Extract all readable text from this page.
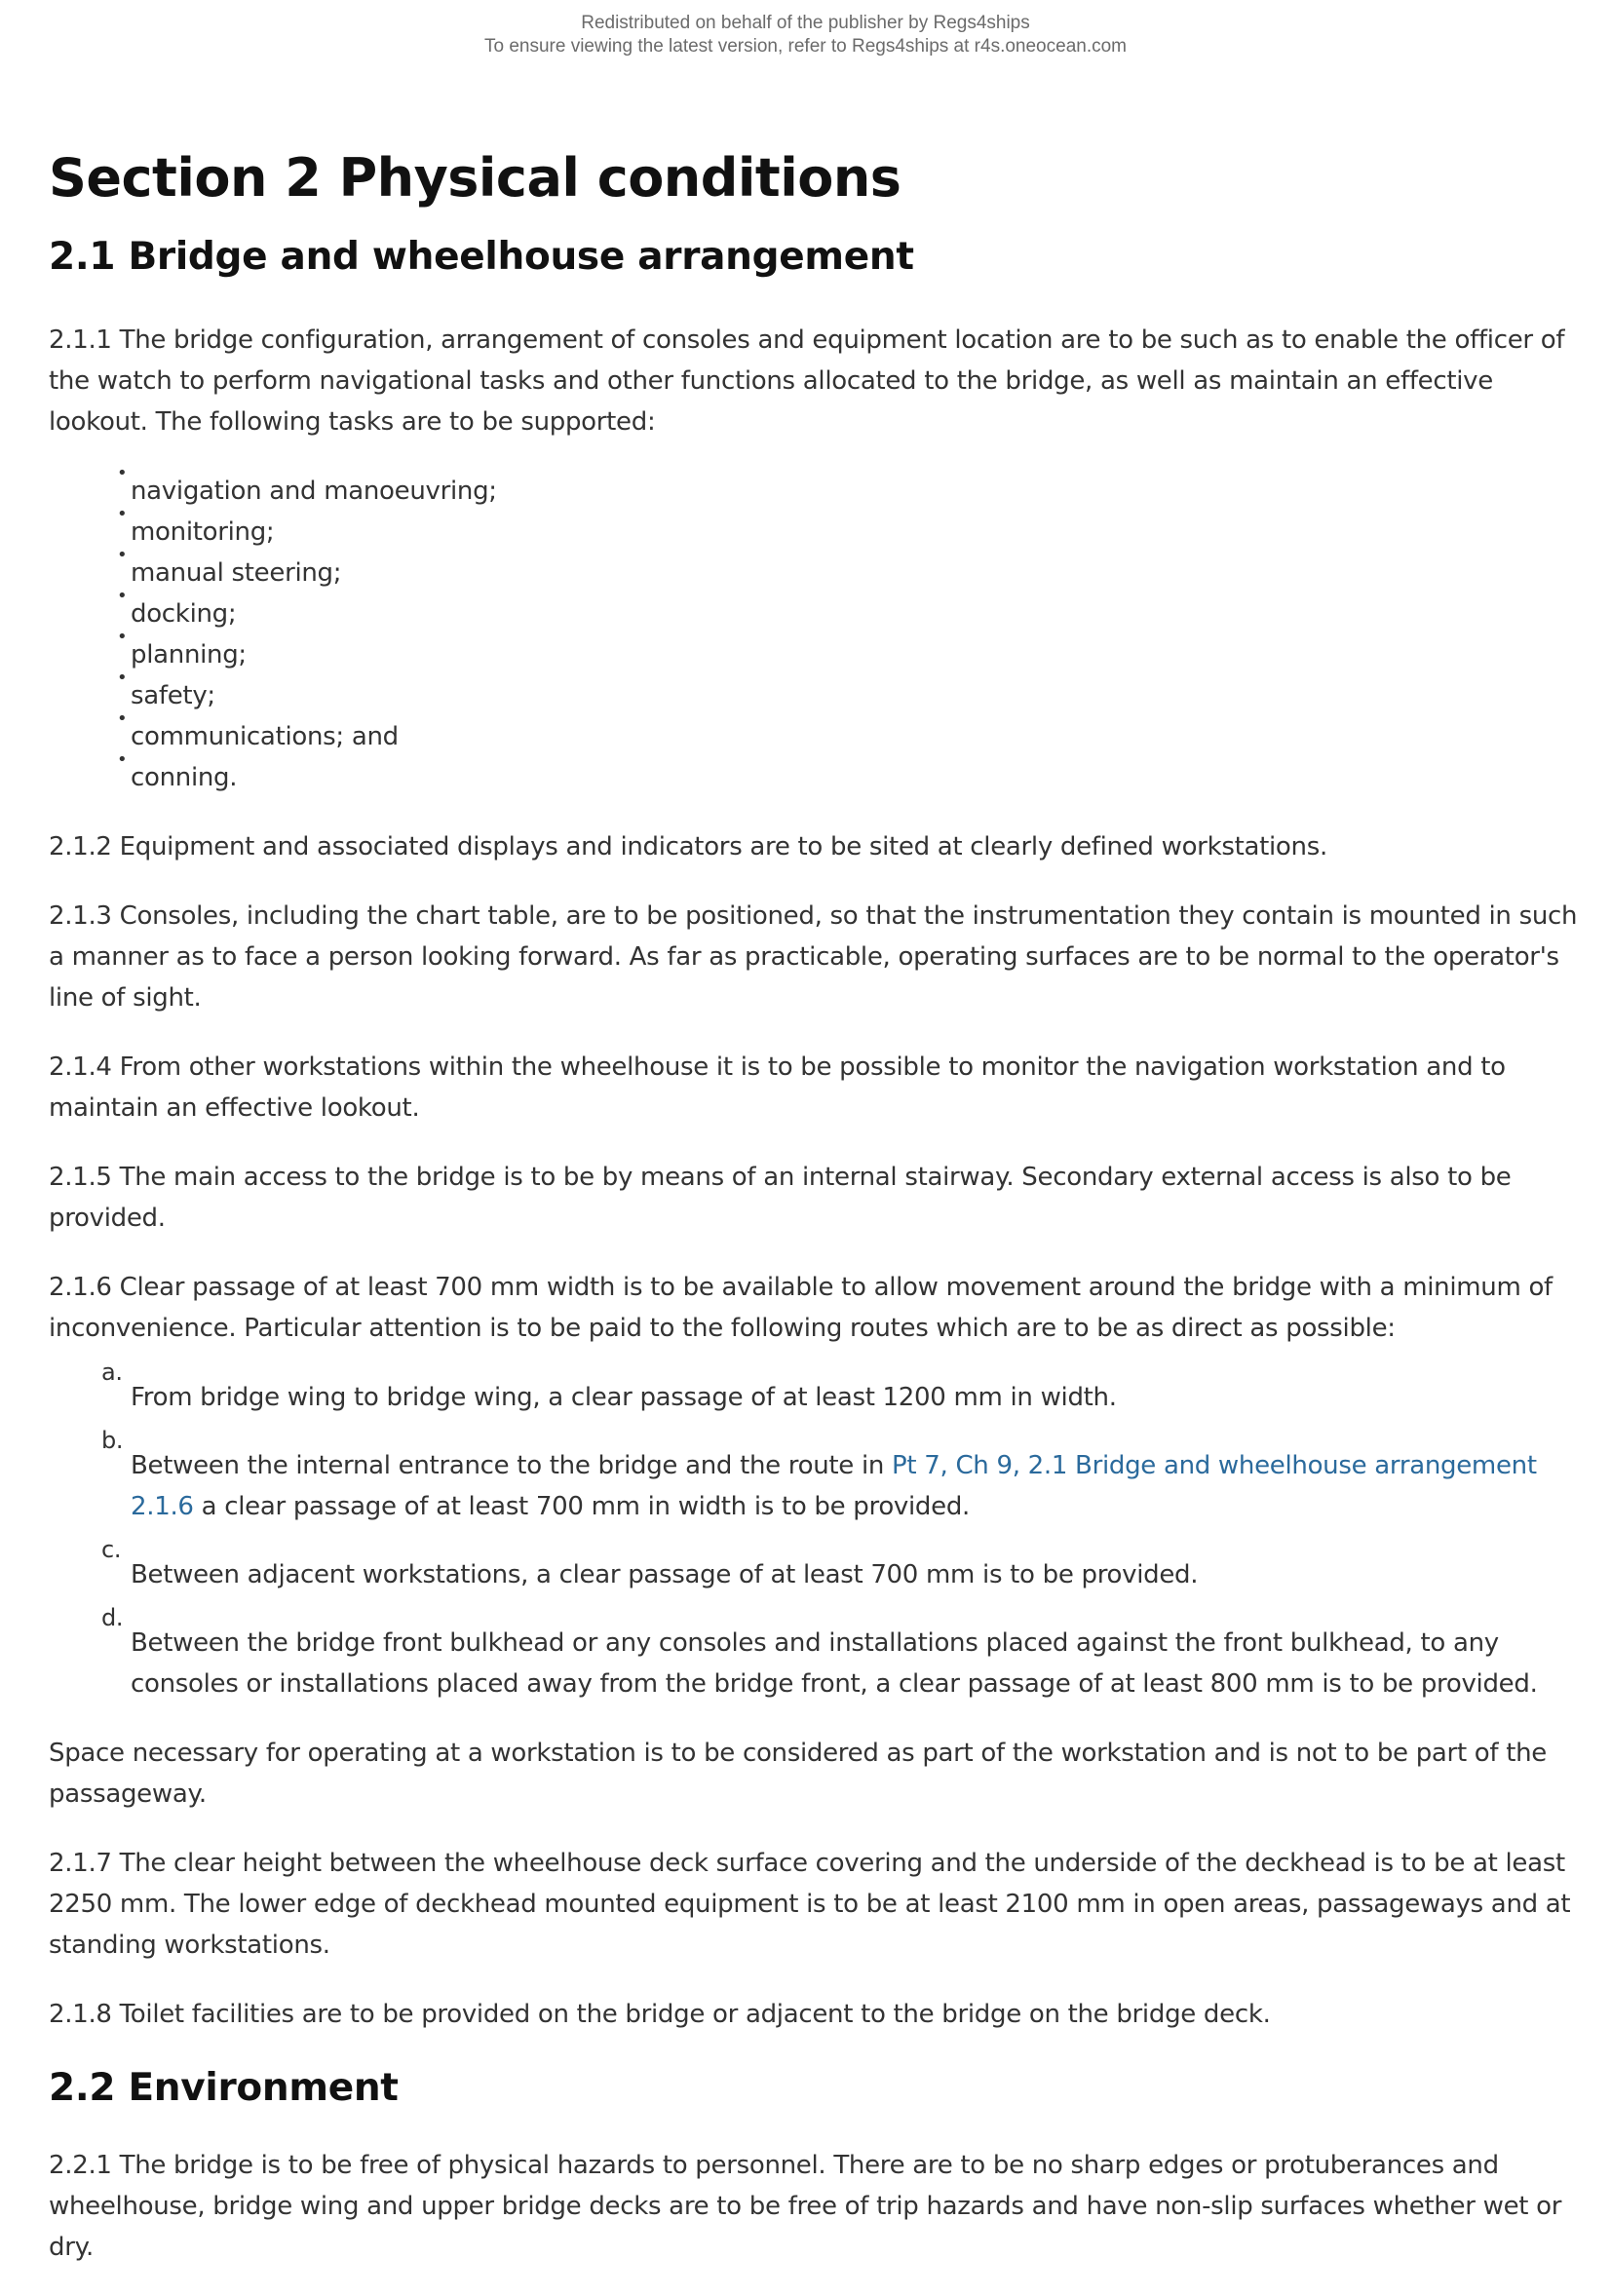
Redistributed on behalf of the publisher by Regs4ships
To ensure viewing the latest version, refer to Regs4ships at r4s.oneocean.com
Section 2 Physical conditions
2.1 Bridge and wheelhouse arrangement

2.1.1 The bridge configuration, arrangement of consoles and equipment location are to be such as to enable the officer of the watch to perform navigational tasks and other functions allocated to the bridge, as well as maintain an effective lookout. The following tasks are to be supported:

•
navigation and manoeuvring;
•
monitoring;
•
manual steering;
•
docking;
•
planning;
•
safety;
•
communications; and
•
conning.

2.1.2 Equipment and associated displays and indicators are to be sited at clearly defined workstations.

2.1.3 Consoles, including the chart table, are to be positioned, so that the instrumentation they contain is mounted in such a manner as to face a person looking forward. As far as practicable, operating surfaces are to be normal to the operator's line of sight.

2.1.4 From other workstations within the wheelhouse it is to be possible to monitor the navigation workstation and to maintain an effective lookout.

2.1.5 The main access to the bridge is to be by means of an internal stairway. Secondary external access is also to be provided.

2.1.6 Clear passage of at least 700 mm width is to be available to allow movement around the bridge with a minimum of inconvenience. Particular attention is to be paid to the following routes which are to be as direct as possible:

a.
From bridge wing to bridge wing, a clear passage of at least 1200 mm in width.
b.
Between the internal entrance to the bridge and the route in Pt 7, Ch 9, 2.1 Bridge and wheelhouse arrangement 2.1.6 a clear passage of at least 700 mm in width is to be provided.
c.
Between adjacent workstations, a clear passage of at least 700 mm is to be provided.
d.
Between the bridge front bulkhead or any consoles and installations placed against the front bulkhead, to any consoles or installations placed away from the bridge front, a clear passage of at least 800 mm is to be provided.

Space necessary for operating at a workstation is to be considered as part of the workstation and is not to be part of the passageway.

2.1.7 The clear height between the wheelhouse deck surface covering and the underside of the deckhead is to be at least 2250 mm. The lower edge of deckhead mounted equipment is to be at least 2100 mm in open areas, passageways and at standing workstations.

2.1.8 Toilet facilities are to be provided on the bridge or adjacent to the bridge on the bridge deck.

2.2 Environment

2.2.1 The bridge is to be free of physical hazards to personnel. There are to be no sharp edges or protuberances and wheelhouse, bridge wing and upper bridge decks are to be free of trip hazards and have non-slip surfaces whether wet or dry.
